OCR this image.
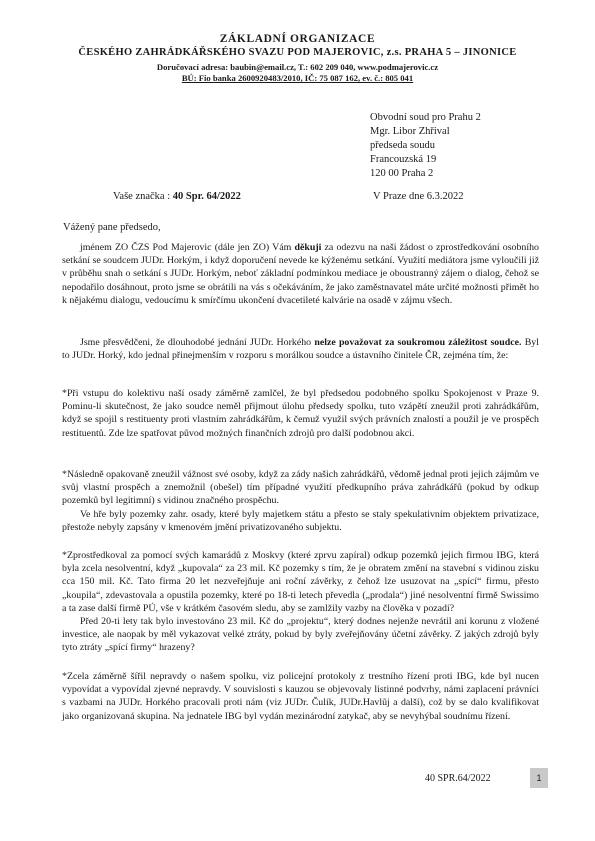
ZÁKLADNÍ ORGANIZACE
ČESKÉHO ZAHRÁDKÁŘSKÉHO SVAZU POD MAJEROVIC, z.s. PRAHA 5 – JINONICE
Doručovací adresa: baubin@email.cz, T.: 602 209 040, www.podmajerovic.cz
BÚ: Fio banka 2600920483/2010, IČ: 75 087 162, ev. č.: 805 041
Obvodní soud pro Prahu 2
Mgr. Libor Zhřival
předseda soudu
Francouzská 19
120 00 Praha 2
Vaše značka : 40 Spr. 64/2022	V Praze dne 6.3.2022
Vážený pane předsedo,

jménem ZO ČZS Pod Majerovic (dále jen ZO) Vám děkuji za odezvu na naši žádost o zprostředkování osobního setkání se soudcem JUDr. Horkým, i když doporučení nevede ke kýženému setkání. Využití mediátora jsme vyloučili již v průběhu snah o setkání s JUDr. Horkým, neboť základní podmínkou mediace je oboustranný zájem o dialog, čehož se nepodařilo dosáhnout, proto jsme se obrátili na vás s očekáváním, že jako zaměstnavatel máte určité možnosti přimět ho k nějakému dialogu, vedoucímu k smírčímu ukončení dvacetileté kalvárie na osadě v zájmu všech.

Jsme přesvědčeni, že dlouhodobé jednání JUDr. Horkého nelze považovat za soukromou záležitost soudce. Byl to JUDr. Horký, kdo jednal přinejmenším v rozporu s morálkou soudce a ústavního činitele ČR, zejména tím, že:

*Při vstupu do kolektivu naší osady záměrně zamlčel, že byl předsedou podobného spolku Spokojenost v Praze 9. Pominu-li skutečnost, že jako soudce neměl přijmout úlohu předsedy spolku, tuto vzápětí zneužil proti zahrádkářům, když se spojil s restituenty proti vlastním zahrádkářům, k čemuž využil svých právních znalostí a použil je ve prospěch restituentů. Zde lze spatřovat původ možných finančních zdrojů pro další podobnou akci.

*Následně opakovaně zneužil vážnost své osoby, když za zády našich zahrádkářů, vědomě jednal proti jejich zájmům ve svůj vlastní prospěch a znemožnil (obešel) tím případné využití předkupního práva zahrádkářů (pokud by odkup pozemků byl legitimní) s vidinou značného prospěchu.

Ve hře byly pozemky zahr. osady, které byly majetkem státu a přesto se staly spekulativním objektem privatizace, přestože nebyly zapsány v kmenovém jmění privatizovaného subjektu.

*Zprostředkoval za pomocí svých kamarádů z Moskvy (které zprvu zapíral) odkup pozemků jejich firmou IBG, která byla zcela nesolventní, když „kupovala“ za 23 mil. Kč pozemky s tím, že je obratem změní na stavební s vidinou zisku cca 150 mil. Kč. Tato firma 20 let nezveřejňuje ani roční závěrky, z čehož lze usuzovat na „spící“ firmu, přesto „koupila“, zdevastovala a opustila pozemky, které po 18-ti letech převedla („prodala“) jiné nesolventní firmě Swissimo a ta zase další firmě PÚ, vše v krátkém časovém sledu, aby se zamlžily vazby na člověka v pozadí?

Před 20-ti lety tak bylo investováno 23 mil. Kč do „projektu“, který dodnes nejenže nevrátil ani korunu z vložené investice, ale naopak by měl vykazovat velké ztráty, pokud by byly zveřejňovány účetní závěrky. Z jakých zdrojů byly tyto ztráty „spící firmy“ hrazeny?

*Zcela záměrně šířil nepravdy o našem spolku, viz policejní protokoly z trestního řízení proti IBG, kde byl nucen vypovídat a vypovídal zjevné nepravdy. V souvislosti s kauzou se objevovaly listinné podvrhy, námi zaplacení právníci s vazbami na JUDr. Horkého pracovali proti nám (viz JUDr. Čulík, JUDr.Havlůj a další), což by se dalo kvalifikovat jako organizovaná skupina. Na jednatele IBG byl vydán mezinárodní zatykač, aby se nevyhýbal soudnímu řízení.

40 SPR.64/2022	1
